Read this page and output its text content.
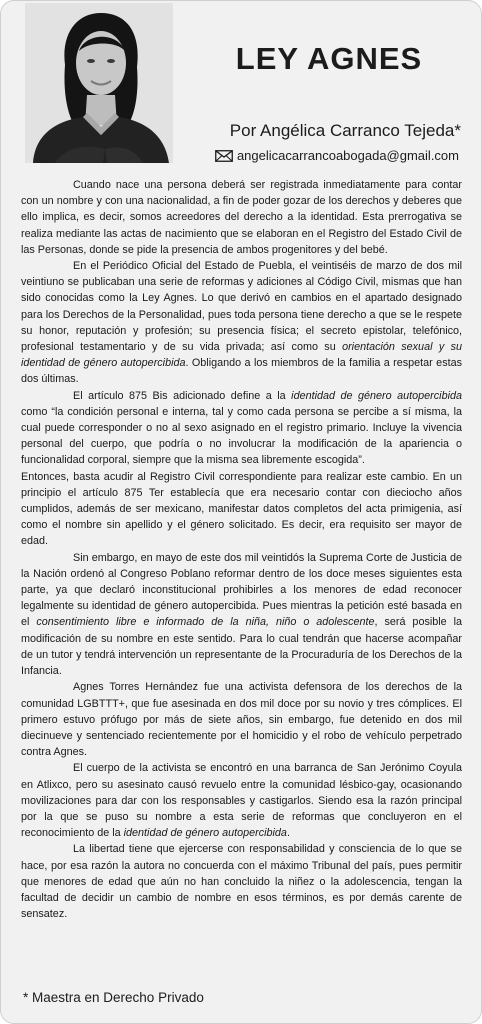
LEY AGNES
Por Angélica Carranco Tejeda*
angelicacarrancoabogada@gmail.com

Cuando nace una persona deberá ser registrada inmediatamente para contar con un nombre y con una nacionalidad, a fin de poder gozar de los derechos y deberes que ello implica, es decir, somos acreedores del derecho a la identidad. Esta prerrogativa se realiza mediante las actas de nacimiento que se elaboran en el Registro del Estado Civil de las Personas, donde se pide la presencia de ambos progenitores y del bebé.

En el Periódico Oficial del Estado de Puebla, el veintiséis de marzo de dos mil veintiuno se publicaban una serie de reformas y adiciones al Código Civil, mismas que han sido conocidas como la Ley Agnes. Lo que derivó en cambios en el apartado designado para los Derechos de la Personalidad, pues toda persona tiene derecho a que se le respete su honor, reputación y profesión; su presencia física; el secreto epistolar, telefónico, profesional testamentario y de su vida privada; así como su orientación sexual y su identidad de género autopercibida. Obligando a los miembros de la familia a respetar estas dos últimas.

El artículo 875 Bis adicionado define a la identidad de género autopercibida como “la condición personal e interna, tal y como cada persona se percibe a sí misma, la cual puede corresponder o no al sexo asignado en el registro primario. Incluye la vivencia personal del cuerpo, que podría o no involucrar la modificación de la apariencia o funcionalidad corporal, siempre que la misma sea libremente escogida”.

Entonces, basta acudir al Registro Civil correspondiente para realizar este cambio. En un principio el artículo 875 Ter establecía que era necesario contar con dieciocho años cumplidos, además de ser mexicano, manifestar datos completos del acta primigenia, así como el nombre sin apellido y el género solicitado. Es decir, era requisito ser mayor de edad.

Sin embargo, en mayo de este dos mil veintidós la Suprema Corte de Justicia de la Nación ordenó al Congreso Poblano reformar dentro de los doce meses siguientes esta parte, ya que declaró inconstitucional prohibirles a los menores de edad reconocer legalmente su identidad de género autopercibida. Pues mientras la petición esté basada en el consentimiento libre e informado de la niña, niño o adolescente, será posible la modificación de su nombre en este sentido. Para lo cual tendrán que hacerse acompañar de un tutor y tendrá intervención un representante de la Procuraduría de los Derechos de la Infancia.

Agnes Torres Hernández fue una activista defensora de los derechos de la comunidad LGBTTT+, que fue asesinada en dos mil doce por su novio y tres cómplices. El primero estuvo prófugo por más de siete años, sin embargo, fue detenido en dos mil diecinueve y sentenciado recientemente por el homicidio y el robo de vehículo perpetrado contra Agnes.

El cuerpo de la activista se encontró en una barranca de San Jerónimo Coyula en Atlixco, pero su asesinato causó revuelo entre la comunidad lésbico-gay, ocasionando movilizaciones para dar con los responsables y castigarlos. Siendo esa la razón principal por la que se puso su nombre a esta serie de reformas que concluyeron en el reconocimiento de la identidad de género autopercibida.

La libertad tiene que ejercerse con responsabilidad y consciencia de lo que se hace, por esa razón la autora no concuerda con el máximo Tribunal del país, pues permitir que menores de edad que aún no han concluido la niñez o la adolescencia, tengan la facultad de decidir un cambio de nombre en esos términos, es por demás carente de sensatez.

* Maestra en Derecho Privado
